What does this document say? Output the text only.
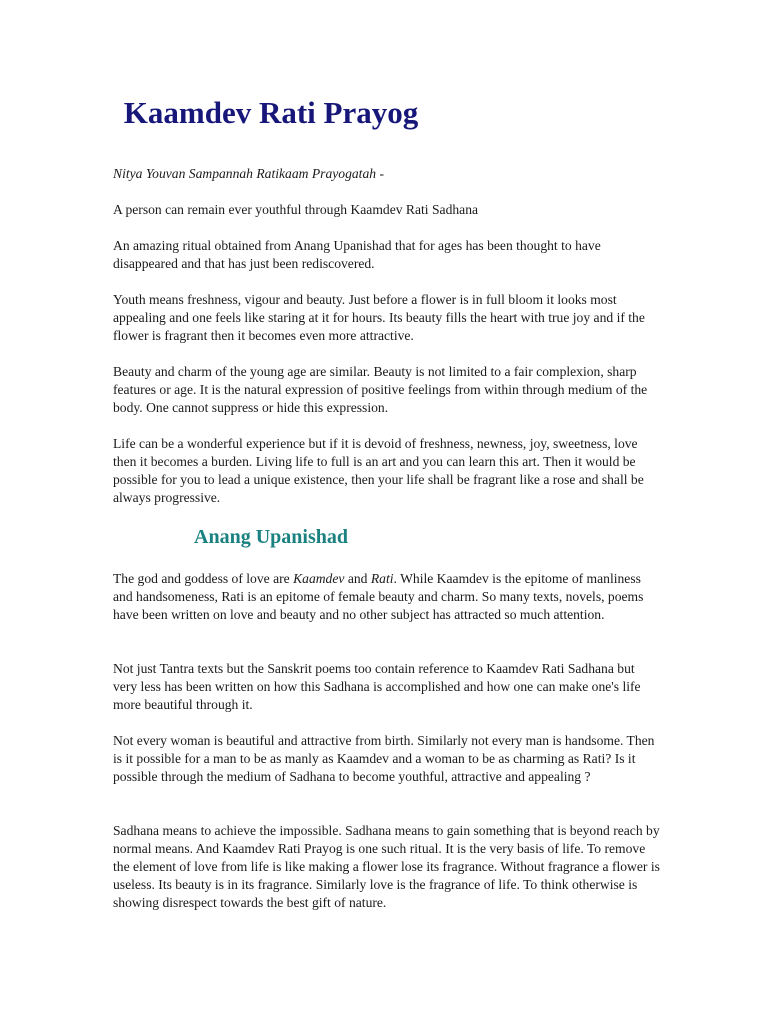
Kaamdev Rati Prayog
Nitya Youvan Sampannah Ratikaam Prayogatah -

A person can remain ever youthful through Kaamdev Rati Sadhana

An amazing ritual obtained from Anang Upanishad that for ages has been thought to have disappeared and that has just been rediscovered.

Youth means freshness, vigour and beauty. Just before a flower is in full bloom it looks most appealing and one feels like staring at it for hours. Its beauty fills the heart with true joy and if the flower is fragrant then it becomes even more attractive.

Beauty and charm of the young age are similar. Beauty is not limited to a fair complexion, sharp features or age. It is the natural expression of positive feelings from within through medium of the body. One cannot suppress or hide this expression.

Life can be a wonderful experience but if it is devoid of freshness, newness, joy, sweetness, love then it becomes a burden. Living life to full is an art and you can learn this art. Then it would be possible for you to lead a unique existence, then your life shall be fragrant like a rose and shall be always progressive.

Anang Upanishad

The god and goddess of love are Kaamdev and Rati. While Kaamdev is the epitome of manliness and handsomeness, Rati is an epitome of female beauty and charm. So many texts, novels, poems have been written on love and beauty and no other subject has attracted so much attention.

Not just Tantra texts but the Sanskrit poems too contain reference to Kaamdev Rati Sadhana but very less has been written on how this Sadhana is accomplished and how one can make one's life more beautiful through it.

Not every woman is beautiful and attractive from birth. Similarly not every man is handsome. Then is it possible for a man to be as manly as Kaamdev and a woman to be as charming as Rati? Is it possible through the medium of Sadhana to become youthful, attractive and appealing ?

Sadhana means to achieve the impossible. Sadhana means to gain something that is beyond reach by normal means. And Kaamdev Rati Prayog is one such ritual. It is the very basis of life. To remove the element of love from life is like making a flower lose its fragrance. Without fragrance a flower is useless. Its beauty is in its fragrance. Similarly love is the fragrance of life. To think otherwise is showing disrespect towards the best gift of nature.
